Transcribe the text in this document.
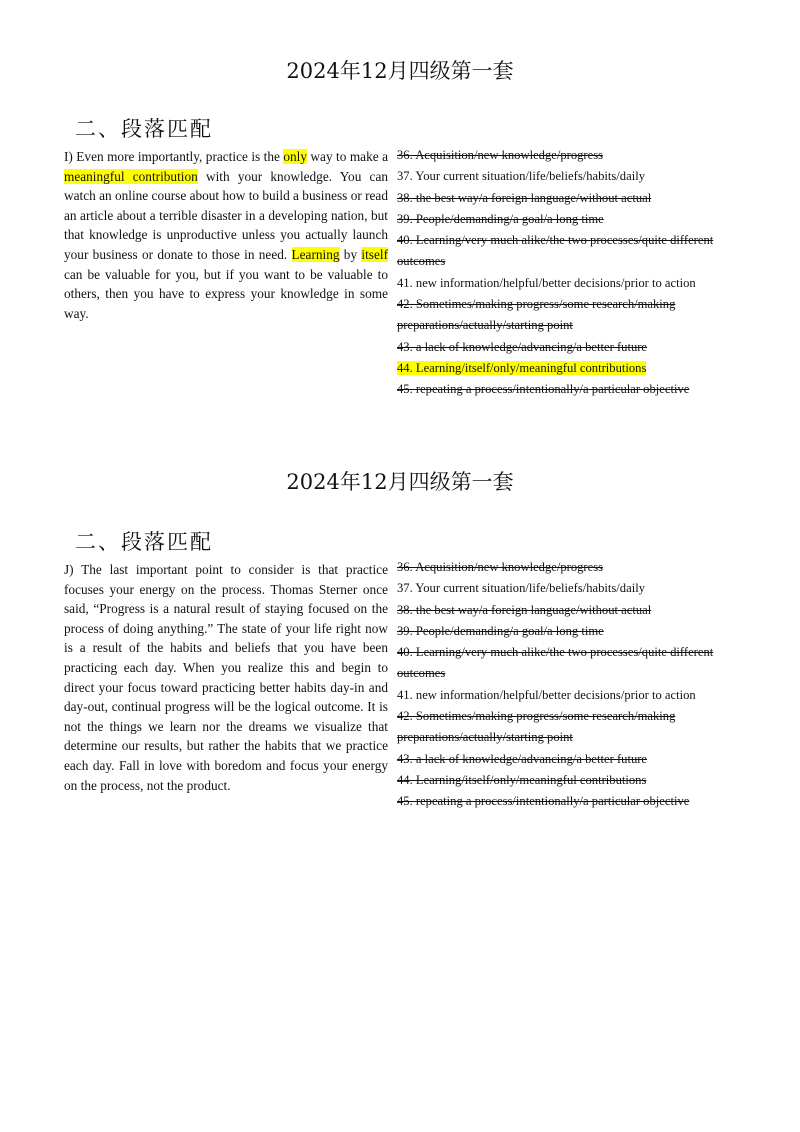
2024年12月四级第一套
二、段落匹配

I) Even more importantly, practice is the only way to make a meaningful contribution with your knowledge. You can watch an online course about how to build a business or read an article about a terrible disaster in a developing nation, but that knowledge is unproductive unless you actually launch your business or donate to those in need. Learning by itself can be valuable for you, but if you want to be valuable to others, then you have to express your knowledge in some way.

36. Acquisition/new knowledge/progress
37. Your current situation/life/beliefs/habits/daily
38. the best way/a foreign language/without actual
39. People/demanding/a goal/a long time
40. Learning/very much alike/the two processes/quite different outcomes
41. new information/helpful/better decisions/prior to action
42. Sometimes/making progress/some research/making preparations/actually/starting point
43. a lack of knowledge/advancing/a better future
44. Learning/itself/only/meaningful contributions
45. repeating a process/intentionally/a particular objective
2024年12月四级第一套
二、段落匹配

J) The last important point to consider is that practice focuses your energy on the process. Thomas Sterner once said, “Progress is a natural result of staying focused on the process of doing anything.” The state of your life right now is a result of the habits and beliefs that you have been practicing each day. When you realize this and begin to direct your focus toward practicing better habits day-in and day-out, continual progress will be the logical outcome. It is not the things we learn nor the dreams we visualize that determine our results, but rather the habits that we practice each day. Fall in love with boredom and focus your energy on the process, not the product.

36. Acquisition/new knowledge/progress
37. Your current situation/life/beliefs/habits/daily
38. the best way/a foreign language/without actual
39. People/demanding/a goal/a long time
40. Learning/very much alike/the two processes/quite different outcomes
41. new information/helpful/better decisions/prior to action
42. Sometimes/making progress/some research/making preparations/actually/starting point
43. a lack of knowledge/advancing/a better future
44. Learning/itself/only/meaningful contributions
45. repeating a process/intentionally/a particular objective
